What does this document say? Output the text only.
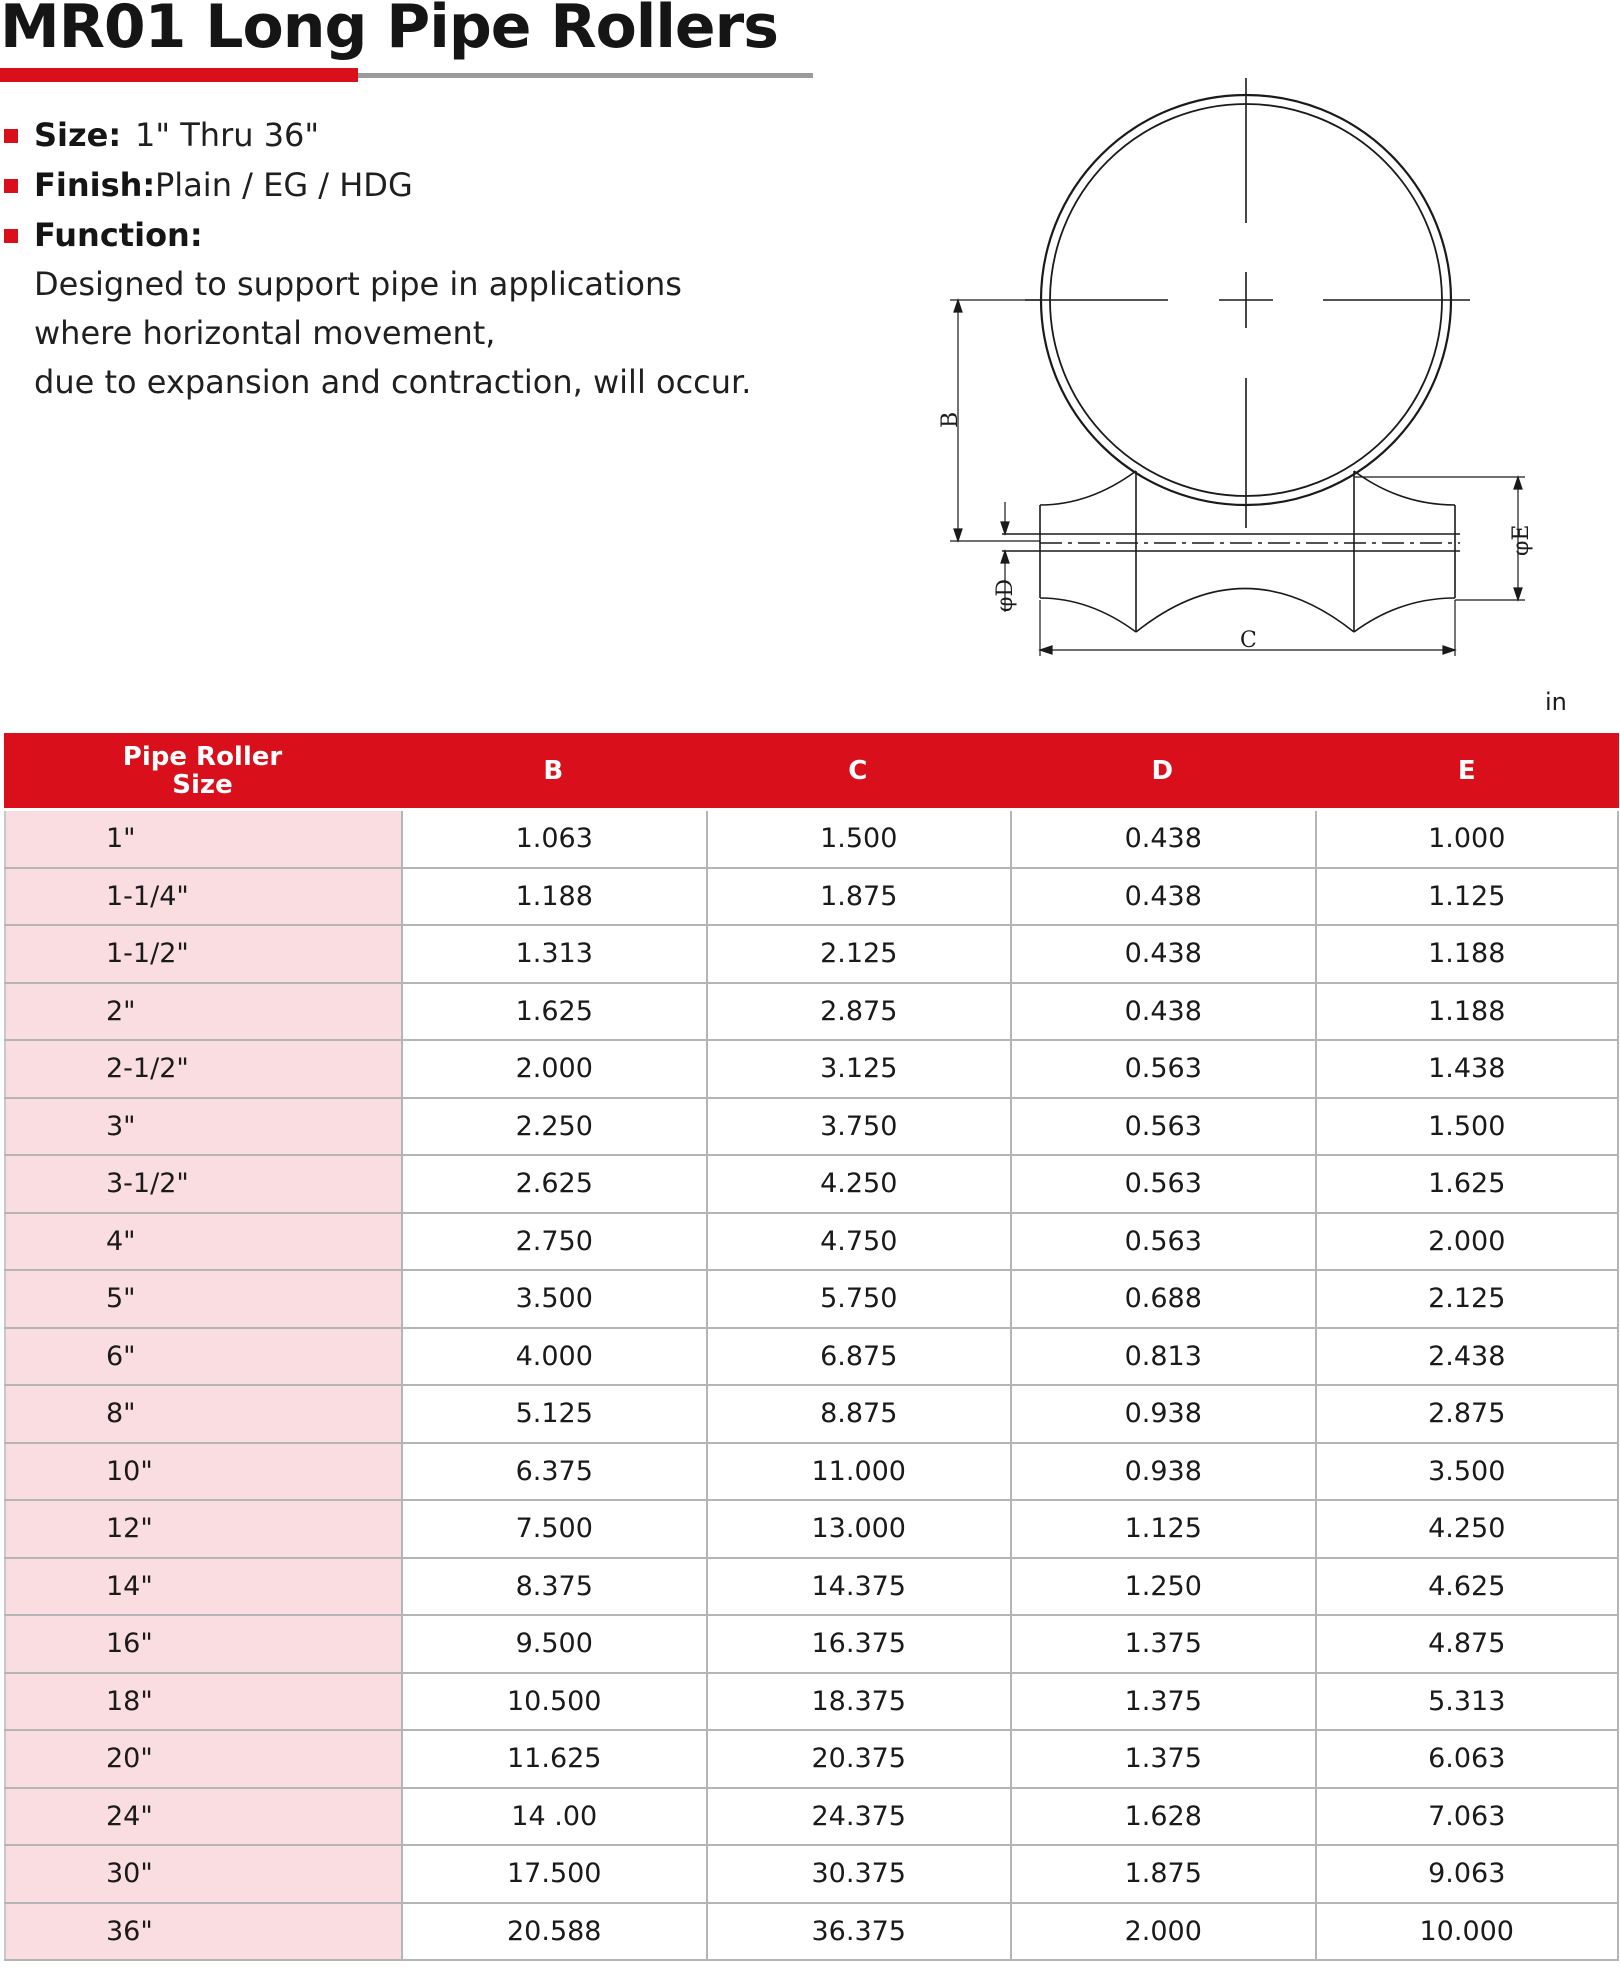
MR01 Long Pipe Rollers
Size: 1" Thru 36"
Finish: Plain / EG / HDG
Function:
Designed to support pipe in applications
where horizontal movement,
due to expansion and contraction, will occur.
B
φD
φE
C
in
Pipe Roller
Size	B	C	D	E
1"	1.063	1.500	0.438	1.000
1-1/4"	1.188	1.875	0.438	1.125
1-1/2"	1.313	2.125	0.438	1.188
2"	1.625	2.875	0.438	1.188
2-1/2"	2.000	3.125	0.563	1.438
3"	2.250	3.750	0.563	1.500
3-1/2"	2.625	4.250	0.563	1.625
4"	2.750	4.750	0.563	2.000
5"	3.500	5.750	0.688	2.125
6"	4.000	6.875	0.813	2.438
8"	5.125	8.875	0.938	2.875
10"	6.375	11.000	0.938	3.500
12"	7.500	13.000	1.125	4.250
14"	8.375	14.375	1.250	4.625
16"	9.500	16.375	1.375	4.875
18"	10.500	18.375	1.375	5.313
20"	11.625	20.375	1.375	6.063
24"	14 .00	24.375	1.628	7.063
30"	17.500	30.375	1.875	9.063
36"	20.588	36.375	2.000	10.000
